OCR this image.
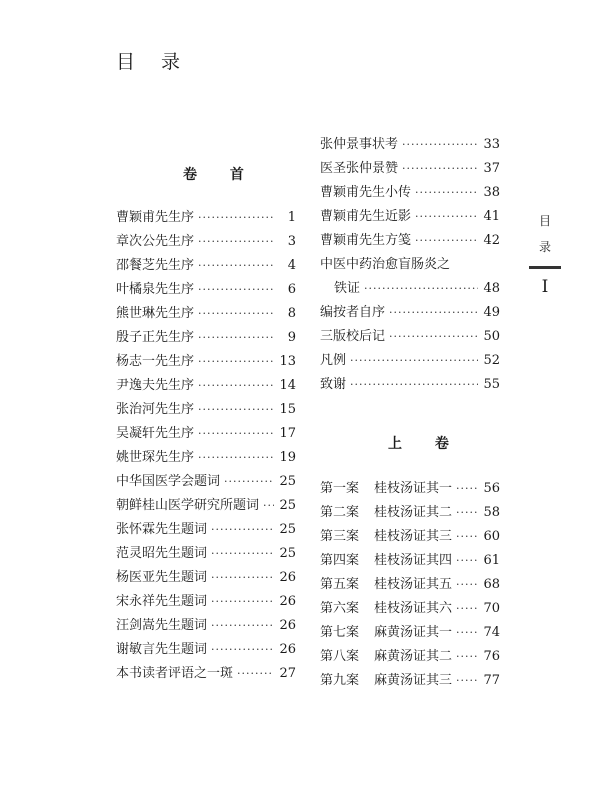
目 录
卷 首
曹颖甫先生序 ·····	1
章次公先生序 ·····	3
邵餐芝先生序 ·····	4
叶橘泉先生序 ·····	6
熊世琳先生序 ·····	8
殷子正先生序 ·····	9
杨志一先生序 ·····	13
尹逸夫先生序 ·····	14
张治河先生序 ·····	15
吴凝轩先生序 ·····	17
姚世琛先生序 ·····	19
中华国医学会题词 ·····	25
朝鲜桂山医学研究所题词 ····· 25
张怀霖先生题词 ·····	25
范灵昭先生题词 ·····	25
杨医亚先生题词 ·····	26
宋永祥先生题词 ·····	26
汪剑嵩先生题词 ·····	26
谢敏言先生题词 ·····	26
本书读者评语之一斑 ·····	27
张仲景事状考 ·····	33
医圣张仲景赞 ·····	37
曹颖甫先生小传 ·····	38
曹颖甫先生近影 ·····	41
曹颖甫先生方笺 ·····	42
中医中药治愈盲肠炎之
铁证 ·····	48
编按者自序 ·····	49
三版校后记 ·····	50
凡例 ·····	52
致谢 ·····	55
上 卷
第一案	桂枝汤证其一 ····· 56
第二案	桂枝汤证其二 ····· 58
第三案	桂枝汤证其三 ····· 60
第四案	桂枝汤证其四 ····· 61
第五案	桂枝汤证其五 ····· 68
第六案	桂枝汤证其六 ····· 70
第七案	麻黄汤证其一 ····· 74
第八案	麻黄汤证其二 ····· 76
第九案	麻黄汤证其三 ····· 77
目录
I
